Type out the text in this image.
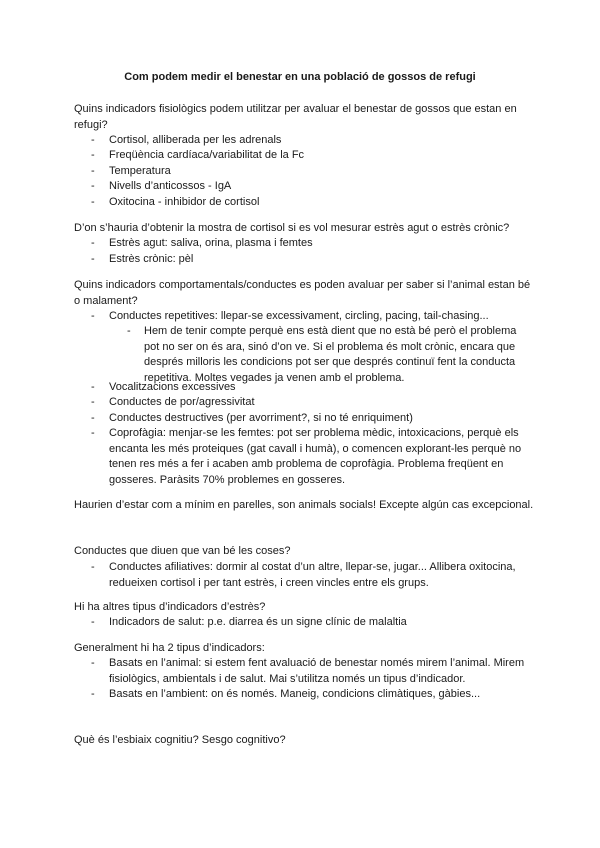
Com podem medir el benestar en una població de gossos de refugi
Quins indicadors fisiològics podem utilitzar per avaluar el benestar de gossos que estan en refugi?
- Cortisol, alliberada per les adrenals
- Freqüència cardíaca/variabilitat de la Fc
- Temperatura
- Nivells d’anticossos - IgA
- Oxitocina - inhibidor de cortisol
D’on s’hauria d’obtenir la mostra de cortisol si es vol mesurar estrès agut o estrès crònic?
- Estrès agut: saliva, orina, plasma i femtes
- Estrès crònic: pèl
Quins indicadors comportamentals/conductes es poden avaluar per saber si l’animal estan bé o malament?
- Conductes repetitives: llepar-se excessivament, circling, pacing, tail-chasing...
- Hem de tenir compte perquè ens està dient que no està bé però el problema pot no ser on és ara, sinó d’on ve. Si el problema és molt crònic, encara que després milloris les condicions pot ser que després continuï fent la conducta repetitiva. Moltes vegades ja venen amb el problema.
- Vocalitzacions excessives
- Conductes de por/agressivitat
- Conductes destructives (per avorriment?, si no té enriquiment)
- Coprofàgia: menjar-se les femtes: pot ser problema mèdic, intoxicacions, perquè els encanta les més proteiques (gat cavall i humà), o comencen explorant-les perquè no tenen res més a fer i acaben amb problema de coprofàgia. Problema freqüent en gosseres. Paràsits 70% problemes en gosseres.
Haurien d’estar com a mínim en parelles, son animals socials! Excepte algún cas excepcional.
Conductes que diuen que van bé les coses?
- Conductes afiliatives: dormir al costat d’un altre, llepar-se, jugar... Allibera oxitocina, redueixen cortisol i per tant estrès, i creen vincles entre els grups.
Hi ha altres tipus d’indicadors d’estrès?
- Indicadors de salut: p.e. diarrea és un signe clínic de malaltia
Generalment hi ha 2 tipus d’indicadors:
- Basats en l’animal: si estem fent avaluació de benestar només mirem l’animal. Mirem fisiològics, ambientals i de salut. Mai s’utilitza només un tipus d’indicador.
- Basats en l’ambient: on és només. Maneig, condicions climàtiques, gàbies...
Què és l’esbiaix cognitiu? Sesgo cognitivo?
